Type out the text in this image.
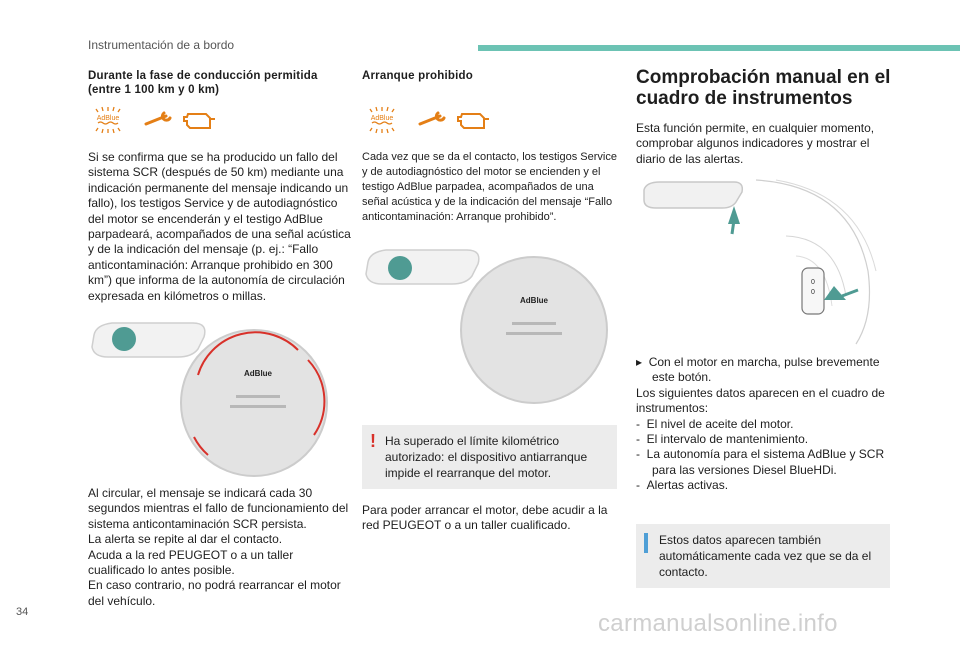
Instrumentación de a bordo

Durante la fase de conducción permitida (entre 1 100 km y 0 km)

AdBlue

Si se confirma que se ha producido un fallo del sistema SCR (después de 50 km) mediante una indicación permanente del mensaje indicando un fallo), los testigos Service y de autodiagnóstico del motor se encenderán y el testigo AdBlue parpadeará, acompañados de una señal acústica y de la indicación del mensaje (p. ej.: “Fallo anticontaminación: Arranque prohibido en 300 km”) que informa de la autonomía de circulación expresada en kilómetros o millas.

AdBlue

Al circular, el mensaje se indicará cada 30 segundos mientras el fallo de funcionamiento del sistema anticontaminación SCR persista.

La alerta se repite al dar el contacto.

Acuda a la red PEUGEOT o a un taller cualificado lo antes posible.

En caso contrario, no podrá rearrancar el motor del vehículo.

Arranque prohibido

AdBlue

Cada vez que se da el contacto, los testigos Service y de autodiagnóstico del motor se encienden y el testigo AdBlue parpadea, acompañados de una señal acústica y de la indicación del mensaje “Fallo anticontaminación: Arranque prohibido”.

AdBlue
! Ha superado el límite kilométrico autorizado: el dispositivo antiarranque impide el rearranque del motor.

Para poder arrancar el motor, debe acudir a la red PEUGEOT o a un taller cualificado.

Comprobación manual en el cuadro de instrumentos

Esta función permite, en cualquier momento, comprobar algunos indicadores y mostrar el diario de las alertas.

0
0
▸  Con el motor en marcha, pulse brevemente este botón.

Los siguientes datos aparecen en el cuadro de instrumentos:

-  El nivel de aceite del motor.
-  El intervalo de mantenimiento.
-  La autonomía para el sistema AdBlue y SCR para las versiones Diesel BlueHDi.
-  Alertas activas.
Estos datos aparecen también automáticamente cada vez que se da el contacto.
34	carmanualsonline.info
